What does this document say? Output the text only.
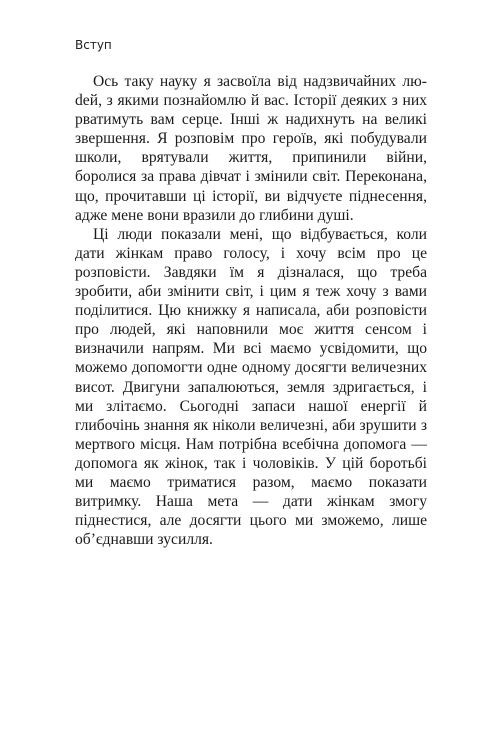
Вступ

Ось таку науку я засвоїла від надзвичайних люdей, з якими познайомлю й вас. Історії деяких з них рватимуть вам серце. Інші ж надихнуть на великі звершення. Я розповім про героїв, які побудували школи, врятували життя, припинили війни, боролися за права дівчат і змінили світ. Переконана, що, прочитавши ці історії, ви відчуєте піднесення, адже мене вони вразили до глибини душі.

Ці люди показали мені, що відбувається, коли дати жінкам право голосу, і хочу всім про це розповісти. Завдяки їм я дізналася, що треба зробити, аби змінити світ, і цим я теж хочу з вами поділитися. Цю книжку я написала, аби розповісти про людей, які наповнили моє життя сенсом і визначили напрям. Ми всі маємо усвідомити, що можемо допомогти одне одному досягти величезних висот. Двигуни запалюються, земля здригається, і ми злітаємо. Сьогодні запаси нашої енергії й глибочінь знання як ніколи величезні, аби зрушити з мертвого місця. Нам потрібна всебічна допомога — допомога як жінок, так і чоловіків. У цій боротьбі ми маємо триматися разом, маємо показати витримку. Наша мета — дати жінкам змогу піднестися, але досягти цього ми зможемо, лише об’єднавши зусилля.
